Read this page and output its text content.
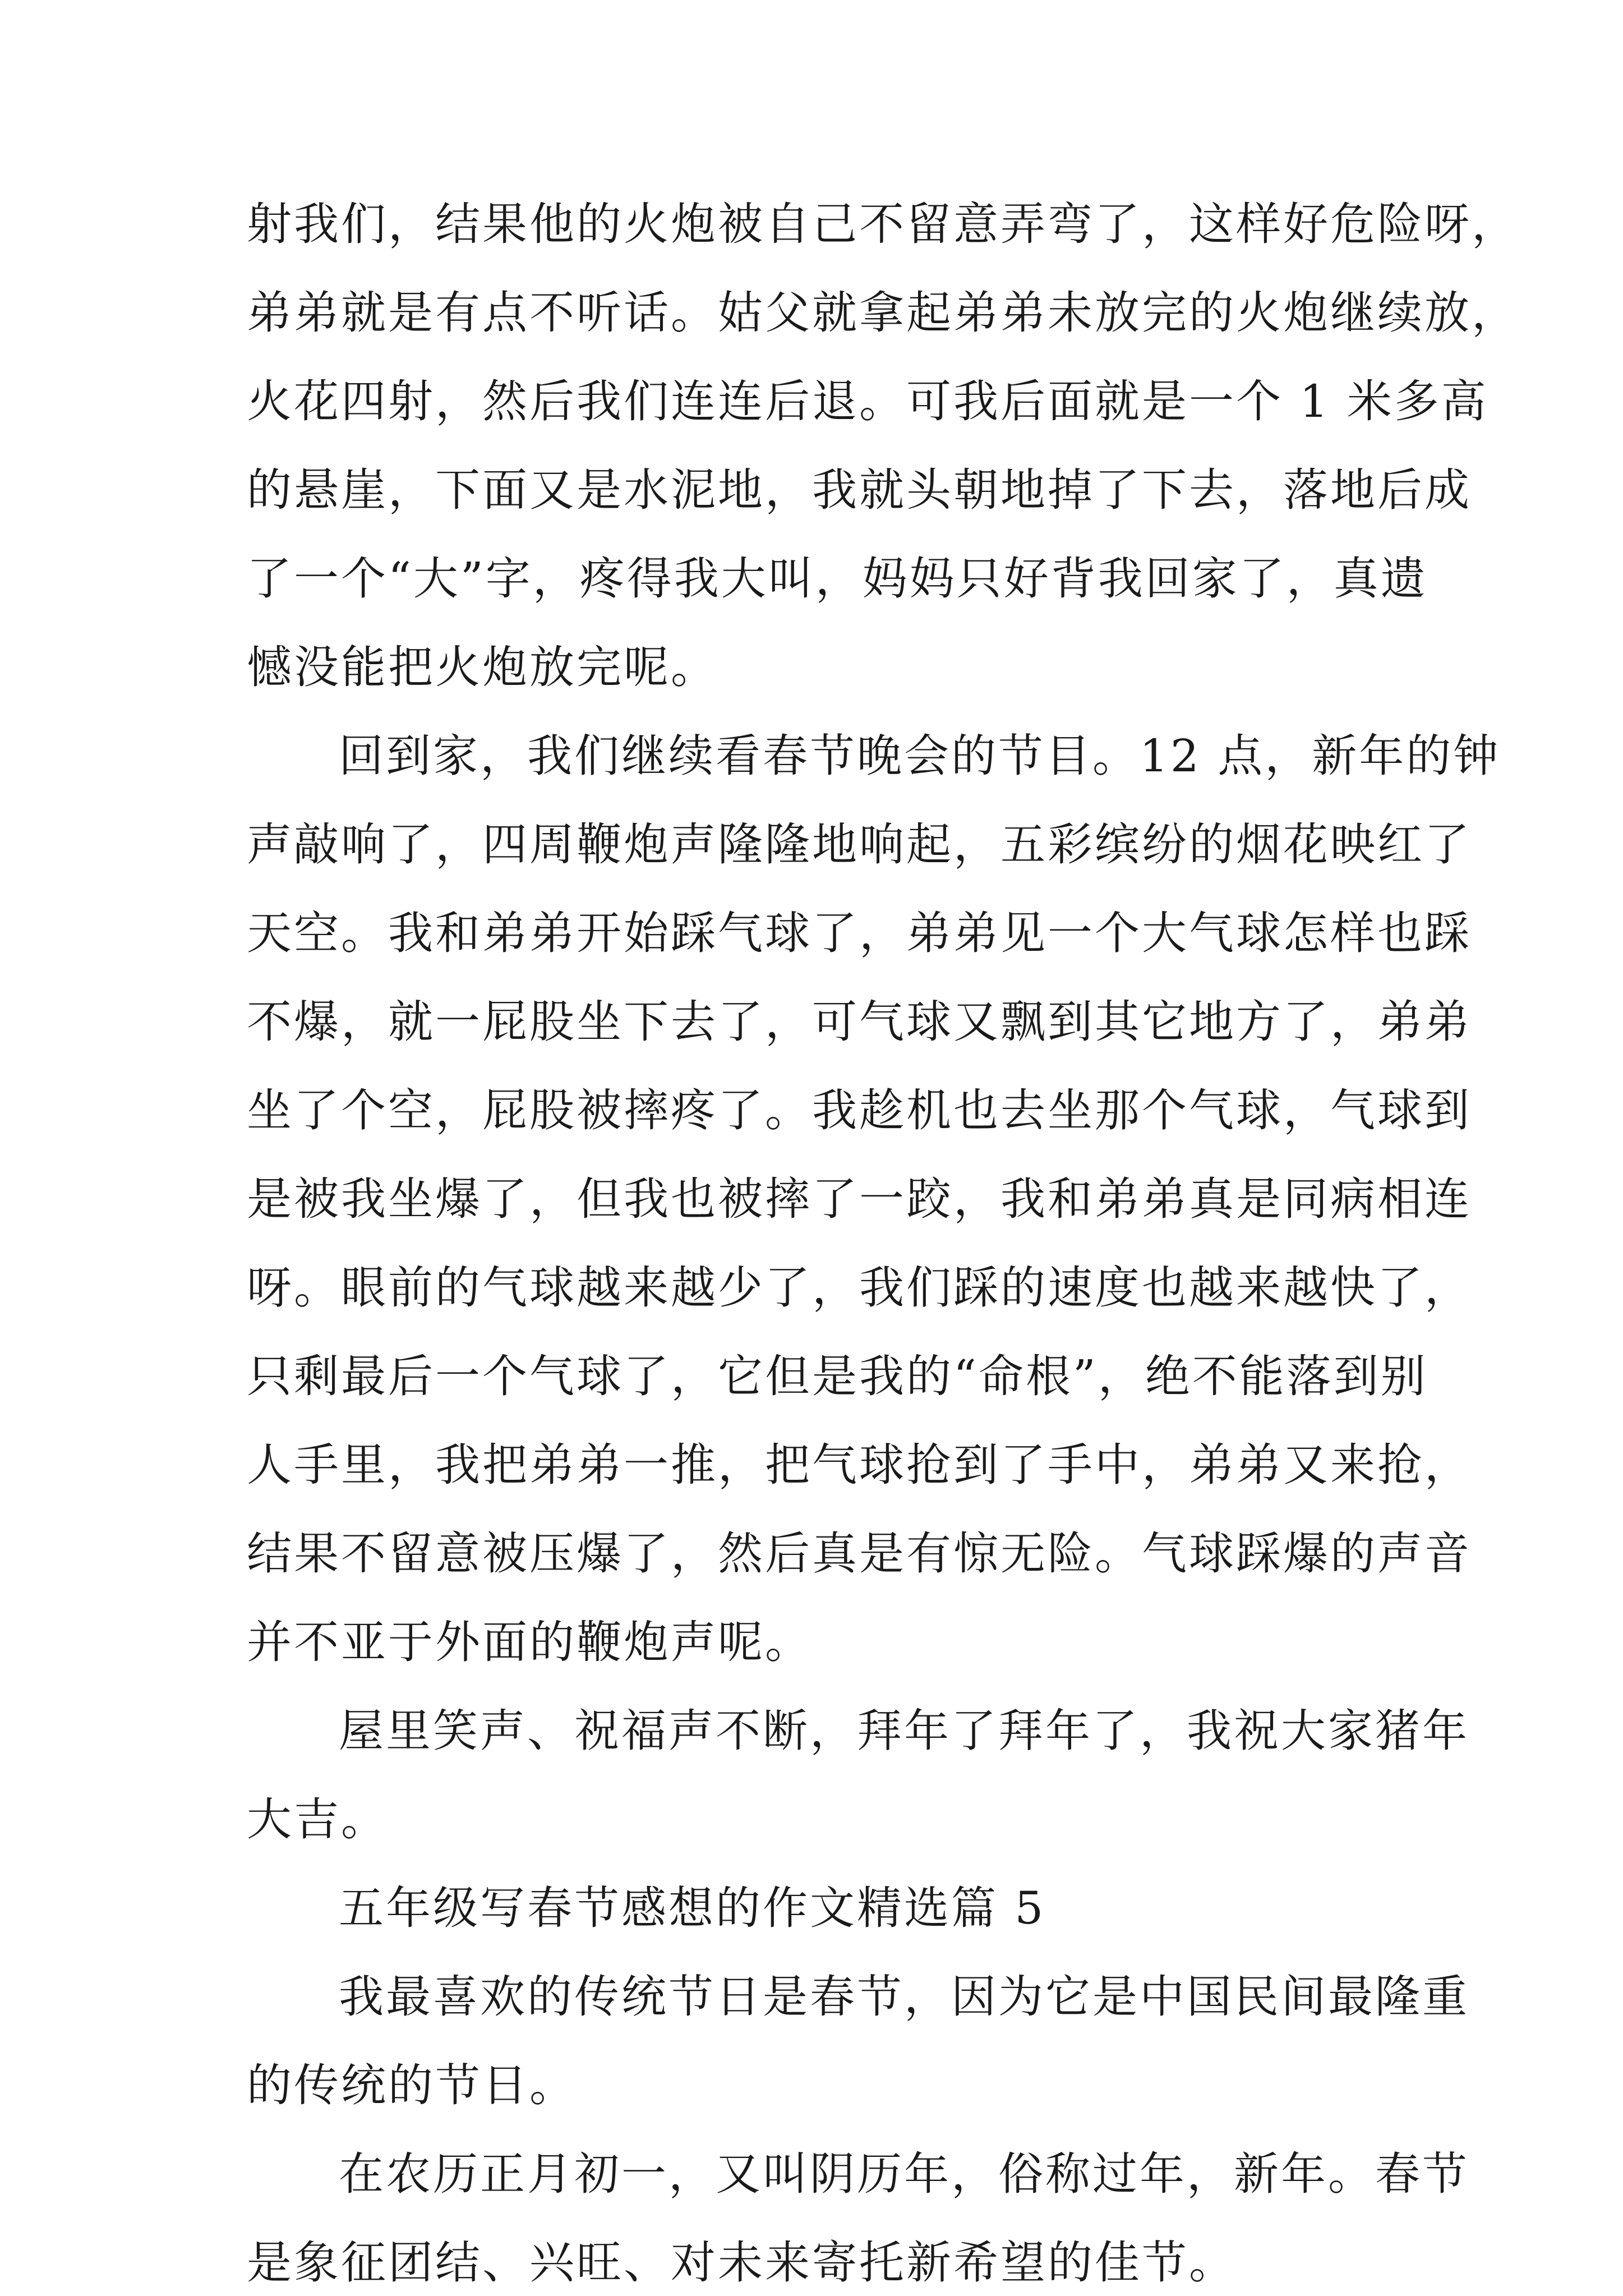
射我们，结果他的火炮被自己不留意弄弯了，这样好危险呀，
弟弟就是有点不听话。姑父就拿起弟弟未放完的火炮继续放，
火花四射，然后我们连连后退。可我后面就是一个 1 米多高
的悬崖，下面又是水泥地，我就头朝地掉了下去，落地后成
了一个“大”字，疼得我大叫，妈妈只好背我回家了，真遗
憾没能把火炮放完呢。
回到家，我们继续看春节晚会的节目。12 点，新年的钟
声敲响了，四周鞭炮声隆隆地响起，五彩缤纷的烟花映红了
天空。我和弟弟开始踩气球了，弟弟见一个大气球怎样也踩
不爆，就一屁股坐下去了，可气球又飘到其它地方了，弟弟
坐了个空，屁股被摔疼了。我趁机也去坐那个气球，气球到
是被我坐爆了，但我也被摔了一跤，我和弟弟真是同病相连
呀。眼前的气球越来越少了，我们踩的速度也越来越快了，
只剩最后一个气球了，它但是我的“命根”，绝不能落到别
人手里，我把弟弟一推，把气球抢到了手中，弟弟又来抢，
结果不留意被压爆了，然后真是有惊无险。气球踩爆的声音
并不亚于外面的鞭炮声呢。
屋里笑声、祝福声不断，拜年了拜年了，我祝大家猪年
大吉。
五年级写春节感想的作文精选篇 5
我最喜欢的传统节日是春节，因为它是中国民间最隆重
的传统的节日。
在农历正月初一，又叫阴历年，俗称过年，新年。春节
是象征团结、兴旺、对未来寄托新希望的佳节。
